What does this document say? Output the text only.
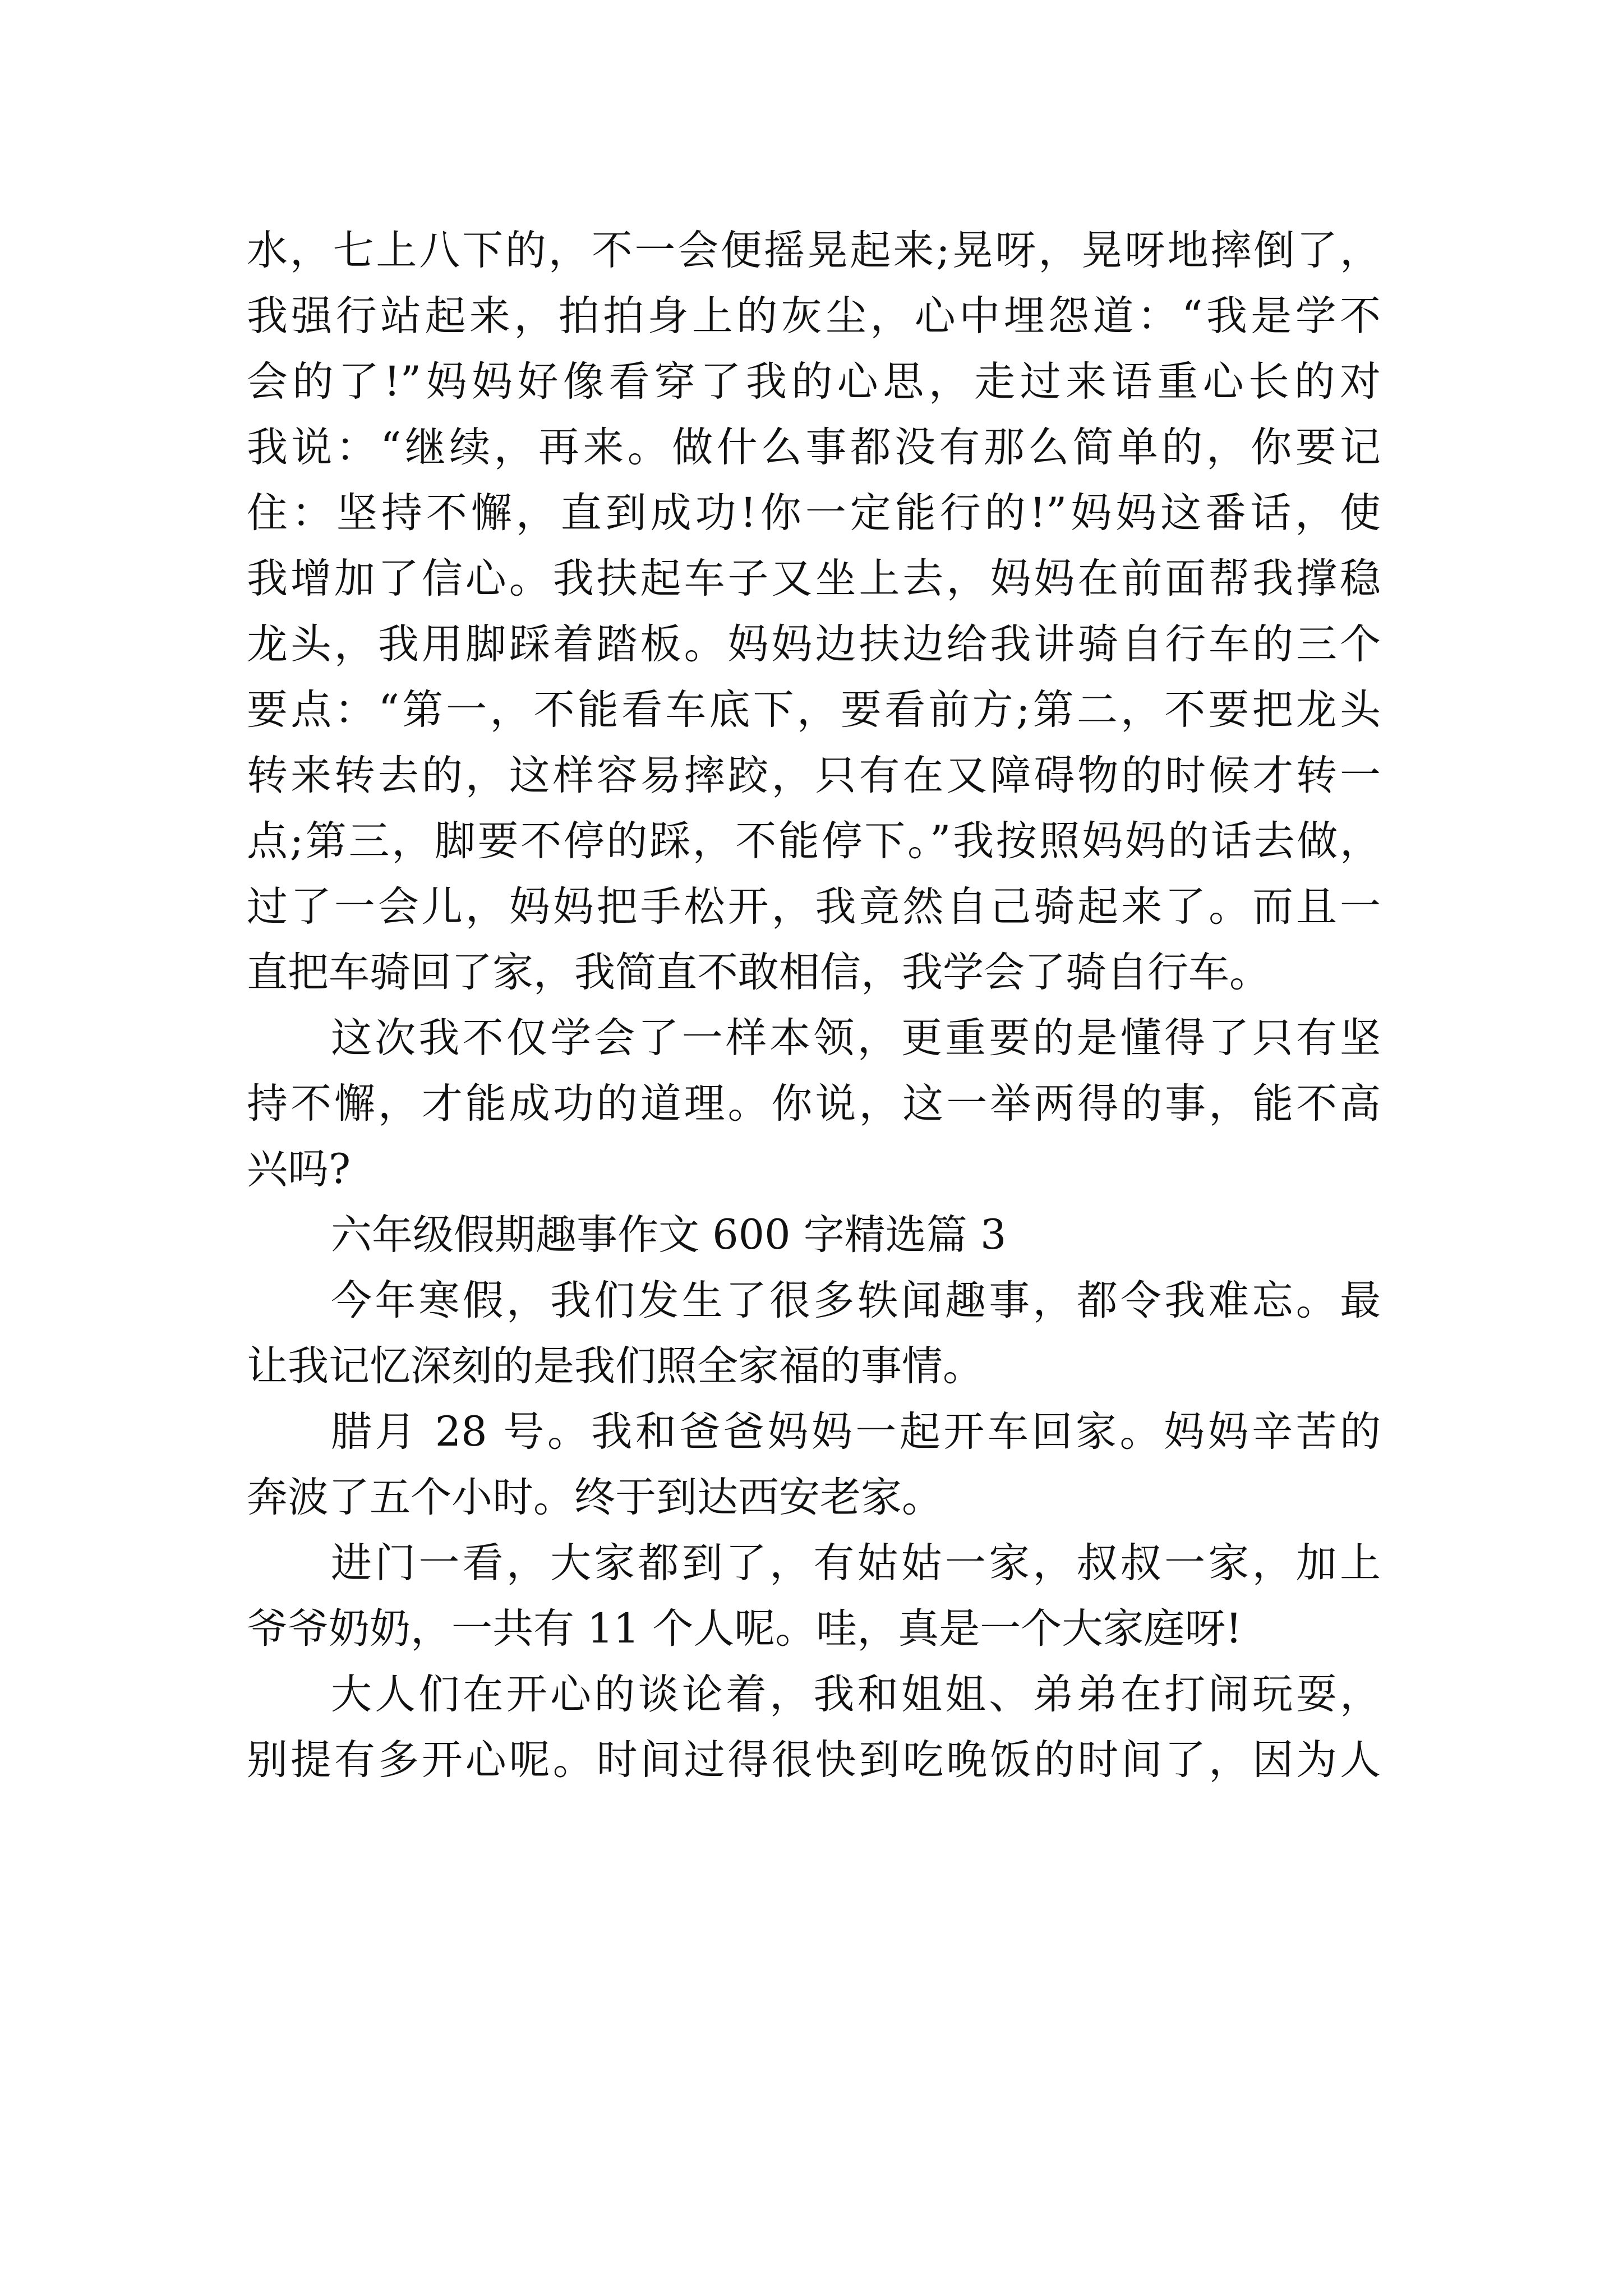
水，七上八下的，不一会便摇晃起来;晃呀，晃呀地摔倒了，
我强行站起来，拍拍身上的灰尘，心中埋怨道：“我是学不
会的了!”妈妈好像看穿了我的心思，走过来语重心长的对
我说：“继续，再来。做什么事都没有那么简单的，你要记
住：坚持不懈，直到成功!你一定能行的!”妈妈这番话，使
我增加了信心。我扶起车子又坐上去，妈妈在前面帮我撑稳
龙头，我用脚踩着踏板。妈妈边扶边给我讲骑自行车的三个
要点：“第一，不能看车底下，要看前方;第二，不要把龙头
转来转去的，这样容易摔跤，只有在又障碍物的时候才转一
点;第三，脚要不停的踩，不能停下。”我按照妈妈的话去做，
过了一会儿，妈妈把手松开，我竟然自己骑起来了。而且一
直把车骑回了家，我简直不敢相信，我学会了骑自行车。
这次我不仅学会了一样本领，更重要的是懂得了只有坚
持不懈，才能成功的道理。你说，这一举两得的事，能不高
兴吗?
六年级假期趣事作文 600 字精选篇 3
今年寒假，我们发生了很多轶闻趣事，都令我难忘。最
让我记忆深刻的是我们照全家福的事情。
腊月 28 号。我和爸爸妈妈一起开车回家。妈妈辛苦的
奔波了五个小时。终于到达西安老家。
进门一看，大家都到了，有姑姑一家，叔叔一家，加上
爷爷奶奶，一共有 11 个人呢。哇，真是一个大家庭呀!
大人们在开心的谈论着，我和姐姐、弟弟在打闹玩耍，
别提有多开心呢。时间过得很快到吃晚饭的时间了，因为人
